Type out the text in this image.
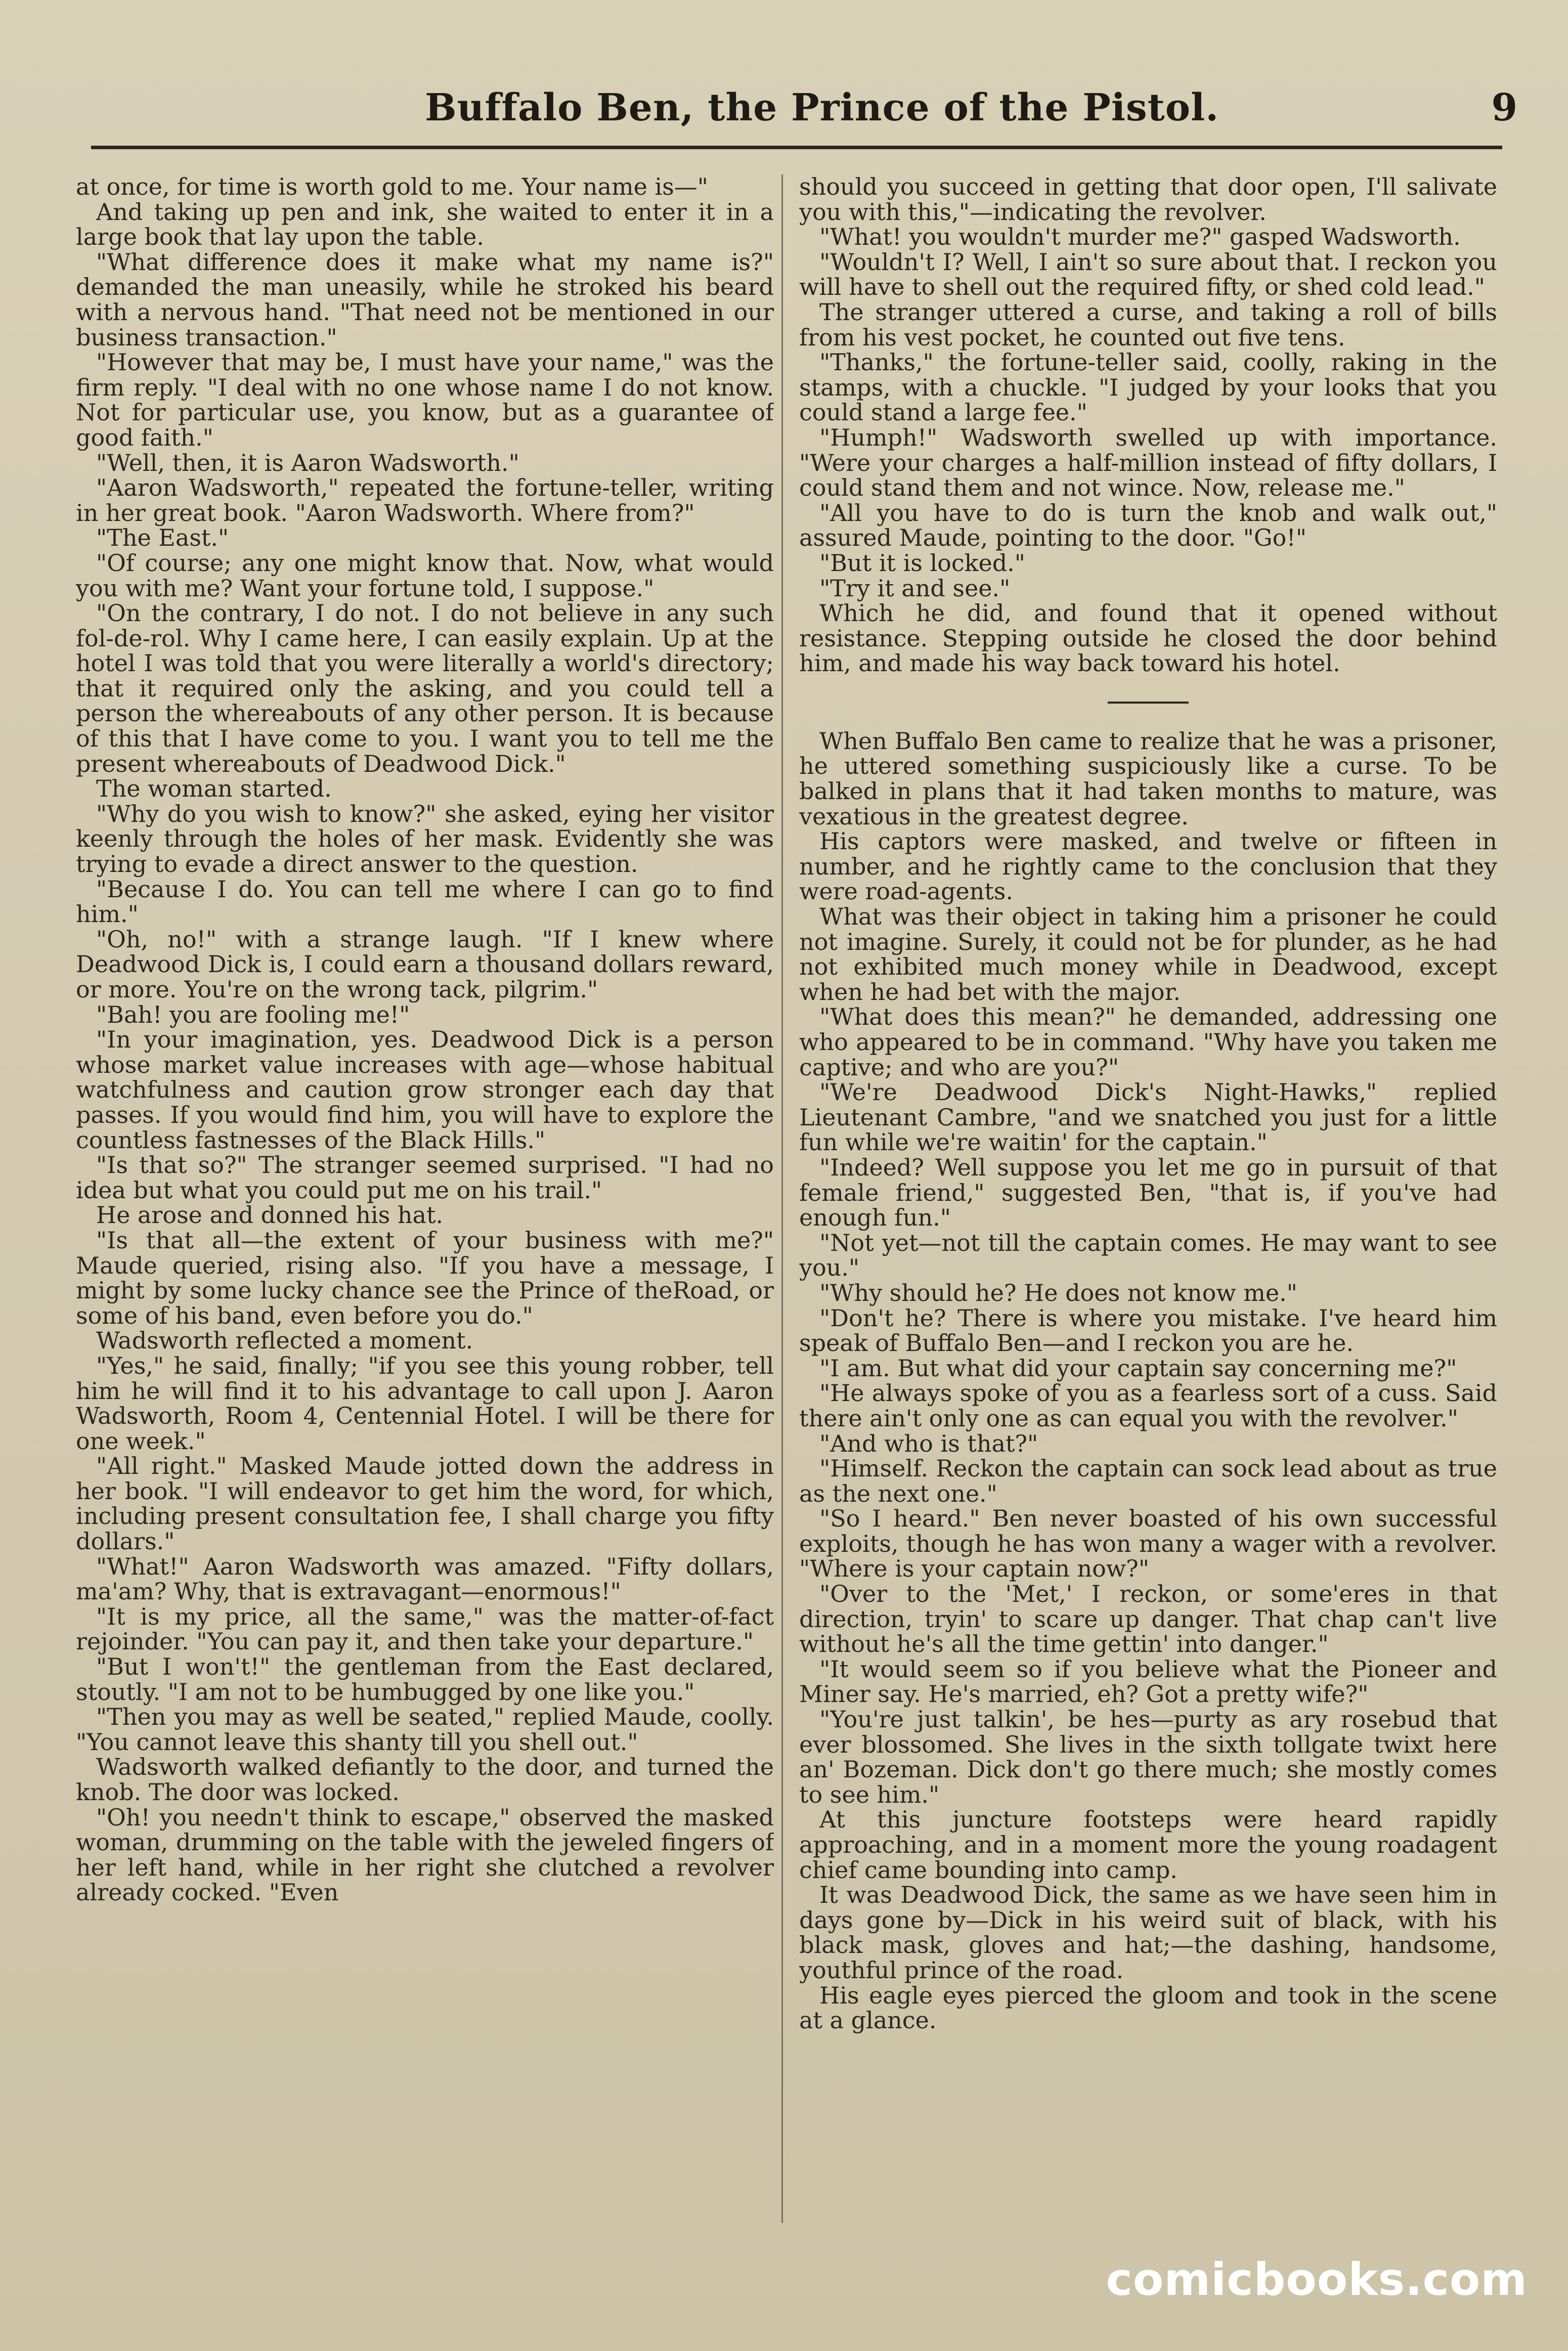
Buffalo Ben, the Prince of the Pistol.	9

at once, for time is worth gold to me. Your name is—"

And taking up pen and ink, she waited to enter it in a large book that lay upon the table.

"What difference does it make what my name is?" demanded the man uneasily, while he stroked his beard with a nervous hand. "That need not be mentioned in our business transaction."

"However that may be, I must have your name," was the firm reply. "I deal with no one whose name I do not know. Not for particular use, you know, but as a guarantee of good faith."

"Well, then, it is Aaron Wadsworth."

"Aaron Wadsworth," repeated the fortune-teller, writing in her great book. "Aaron Wadsworth. Where from?"

"The East."

"Of course; any one might know that. Now, what would you with me? Want your fortune told, I suppose."

"On the contrary, I do not. I do not believe in any such fol-de-rol. Why I came here, I can easily explain. Up at the hotel I was told that you were literally a world's directory; that it required only the asking, and you could tell a person the whereabouts of any other person. It is because of this that I have come to you. I want you to tell me the present whereabouts of Deadwood Dick."

The woman started.

"Why do you wish to know?" she asked, eying her visitor keenly through the holes of her mask. Evidently she was trying to evade a direct answer to the question.

"Because I do. You can tell me where I can go to find him."

"Oh, no!" with a strange laugh. "If I knew where Deadwood Dick is, I could earn a thousand dollars reward, or more. You're on the wrong tack, pilgrim."

"Bah! you are fooling me!"

"In your imagination, yes. Deadwood Dick is a person whose market value increases with age—whose habitual watchfulness and caution grow stronger each day that passes. If you would find him, you will have to explore the countless fastnesses of the Black Hills."

"Is that so?" The stranger seemed surprised. "I had no idea but what you could put me on his trail."

He arose and donned his hat.

"Is that all—the extent of your business with me?" Maude queried, rising also. "If you have a message, I might by some lucky chance see the Prince of theRoad, or some of his band, even before you do."

Wadsworth reflected a moment.

"Yes," he said, finally; "if you see this young robber, tell him he will find it to his advantage to call upon J. Aaron Wadsworth, Room 4, Centennial Hotel. I will be there for one week."

"All right." Masked Maude jotted down the address in her book. "I will endeavor to get him the word, for which, including present consultation fee, I shall charge you fifty dollars."

"What!" Aaron Wadsworth was amazed. "Fifty dollars, ma'am? Why, that is extravagant—enormous!"

"It is my price, all the same," was the matter-of-fact rejoinder. "You can pay it, and then take your departure."

"But I won't!" the gentleman from the East declared, stoutly. "I am not to be humbugged by one like you."

"Then you may as well be seated," replied Maude, coolly. "You cannot leave this shanty till you shell out."

Wadsworth walked defiantly to the door, and turned the knob. The door was locked.

"Oh! you needn't think to escape," observed the masked woman, drumming on the table with the jeweled fingers of her left hand, while in her right she clutched a revolver already cocked. "Even

should you succeed in getting that door open, I'll salivate you with this,"—indicating the revolver.

"What! you wouldn't murder me?" gasped Wadsworth.

"Wouldn't I? Well, I ain't so sure about that. I reckon you will have to shell out the required fifty, or shed cold lead."

The stranger uttered a curse, and taking a roll of bills from his vest pocket, he counted out five tens.

"Thanks," the fortune-teller said, coolly, raking in the stamps, with a chuckle. "I judged by your looks that you could stand a large fee."

"Humph!" Wadsworth swelled up with importance. "Were your charges a half-million instead of fifty dollars, I could stand them and not wince. Now, release me."

"All you have to do is turn the knob and walk out," assured Maude, pointing to the door. "Go!"

"But it is locked."

"Try it and see."

Which he did, and found that it opened without resistance. Stepping outside he closed the door behind him, and made his way back toward his hotel.

When Buffalo Ben came to realize that he was a prisoner, he uttered something suspiciously like a curse. To be balked in plans that it had taken months to mature, was vexatious in the greatest degree.

His captors were masked, and twelve or fifteen in number, and he rightly came to the conclusion that they were road-agents.

What was their object in taking him a prisoner he could not imagine. Surely, it could not be for plunder, as he had not exhibited much money while in Deadwood, except when he had bet with the major.

"What does this mean?" he demanded, addressing one who appeared to be in command. "Why have you taken me captive; and who are you?"

"We're Deadwood Dick's Night-Hawks," replied Lieutenant Cambre, "and we snatched you just for a little fun while we're waitin' for the captain."

"Indeed? Well suppose you let me go in pursuit of that female friend," suggested Ben, "that is, if you've had enough fun."

"Not yet—not till the captain comes. He may want to see you."

"Why should he? He does not know me."

"Don't he? There is where you mistake. I've heard him speak of Buffalo Ben—and I reckon you are he.

"I am. But what did your captain say concerning me?"

"He always spoke of you as a fearless sort of a cuss. Said there ain't only one as can equal you with the revolver."

"And who is that?"

"Himself. Reckon the captain can sock lead about as true as the next one."

"So I heard." Ben never boasted of his own successful exploits, though he has won many a wager with a revolver. "Where is your captain now?"

"Over to the 'Met,' I reckon, or some'eres in that direction, tryin' to scare up danger. That chap can't live without he's all the time gettin' into danger."

"It would seem so if you believe what the Pioneer and Miner say. He's married, eh? Got a pretty wife?"

"You're just talkin', be hes—purty as ary rosebud that ever blossomed. She lives in the sixth tollgate twixt here an' Bozeman. Dick don't go there much; she mostly comes to see him."

At this juncture footsteps were heard rapidly approaching, and in a moment more the young roadagent chief came bounding into camp.

It was Deadwood Dick, the same as we have seen him in days gone by—Dick in his weird suit of black, with his black mask, gloves and hat;—the dashing, handsome, youthful prince of the road.

His eagle eyes pierced the gloom and took in the scene at a glance.

comicbooks.com
